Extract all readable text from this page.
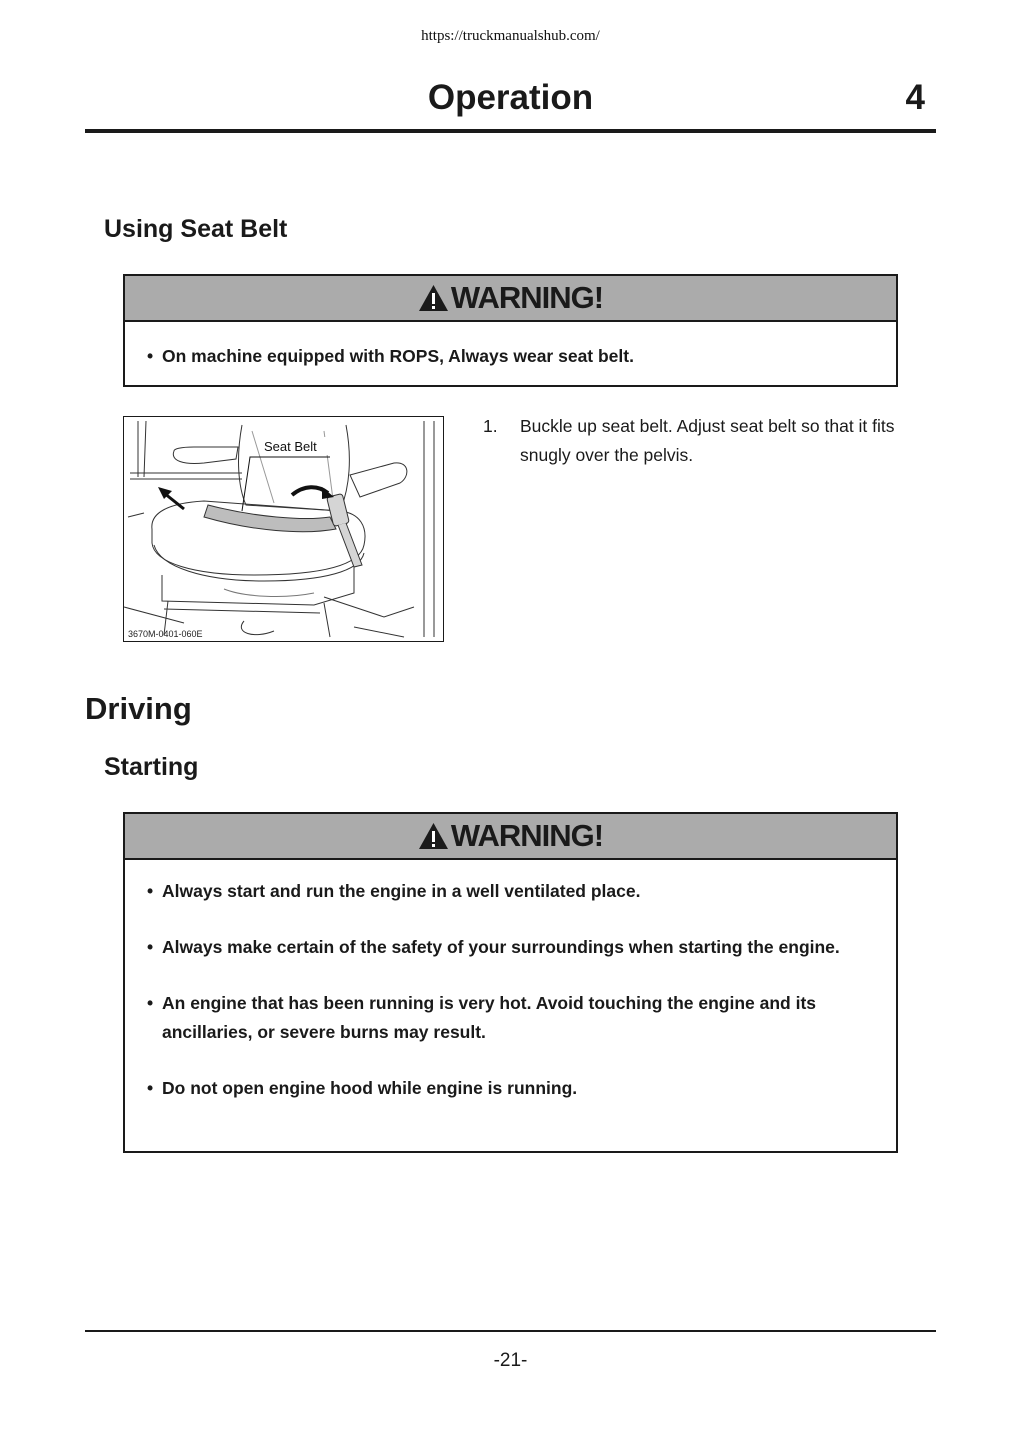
https://truckmanualshub.com/
Operation	4
Using Seat Belt
WARNING!
• On machine equipped with ROPS, Always wear seat belt.
Seat Belt
3670M-0401-060E
1. Buckle up seat belt. Adjust seat belt so that it fits snugly over the pelvis.
Driving
Starting
WARNING!
• Always start and run the engine in a well ventilated place.
• Always make certain of the safety of your surroundings when starting the engine.
• An engine that has been running is very hot. Avoid touching the engine and its ancillaries, or severe burns may result.
• Do not open engine hood while engine is running.
-21-
